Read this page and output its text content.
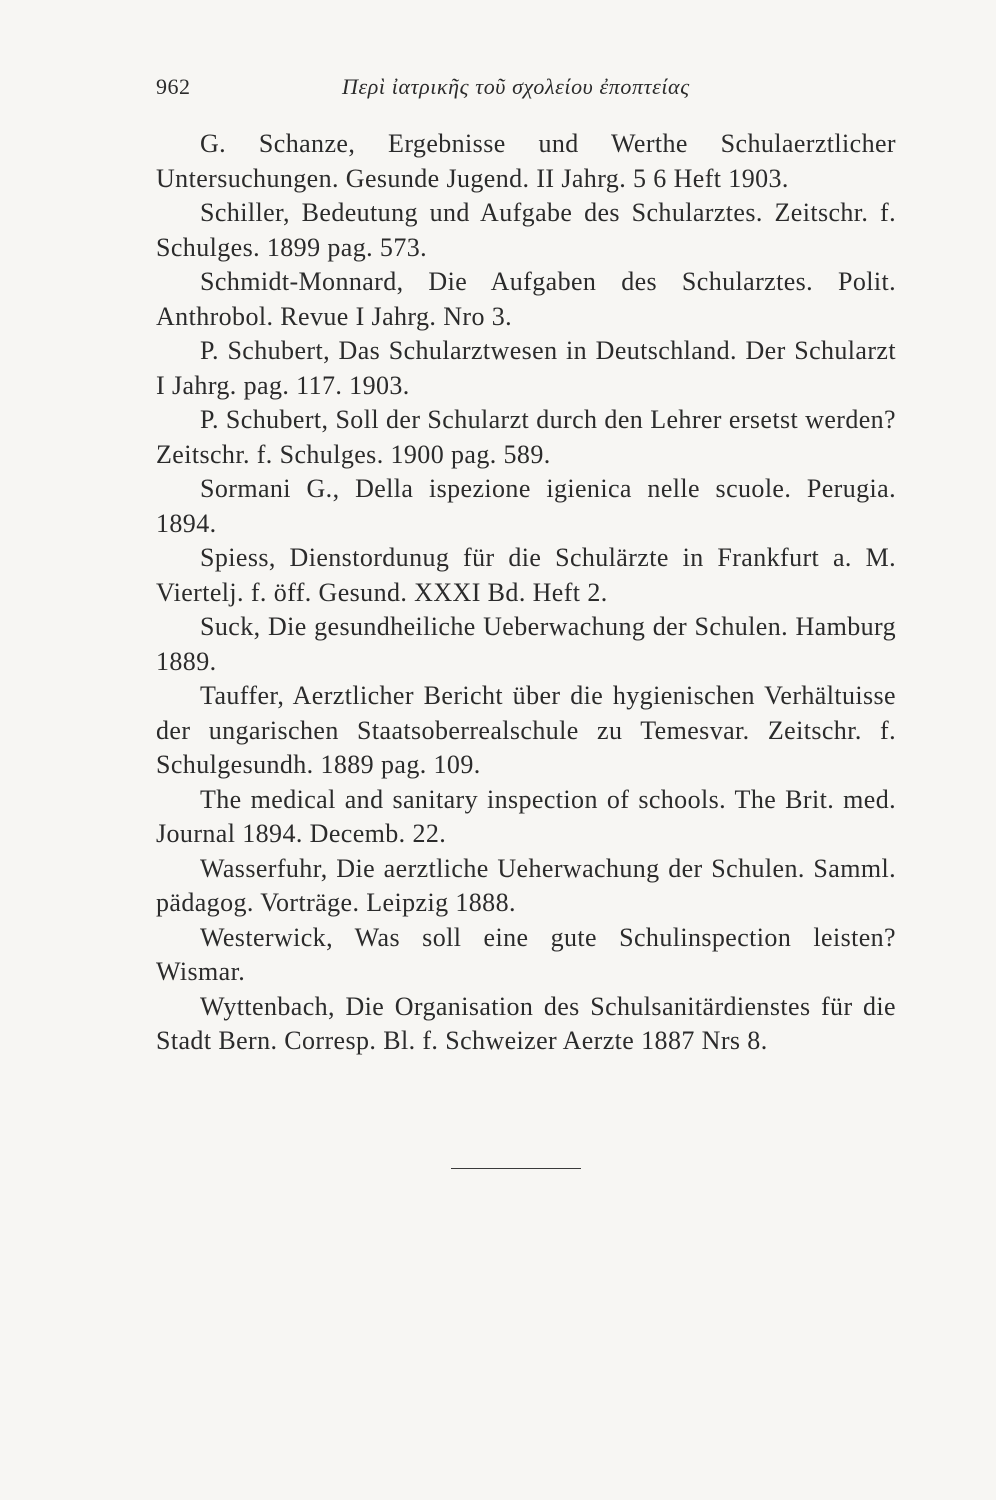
962	Περὶ ἰατρικῆς τοῦ σχολείου ἐποπτείας

G. Schanze, Ergebnisse und Werthe Schulaerztlicher Untersuchungen. Gesunde Jugend. II Jahrg. 5 6 Heft 1903.

Schiller, Bedeutung und Aufgabe des Schularztes. Zeitschr. f. Schulges. 1899 pag. 573.

Schmidt-Monnard, Die Aufgaben des Schularztes. Polit. Anthrobol. Revue I Jahrg. Nro 3.

P. Schubert, Das Schularztwesen in Deutschland. Der Schularzt I Jahrg. pag. 117. 1903.

P. Schubert, Soll der Schularzt durch den Lehrer ersetst werden? Zeitschr. f. Schulges. 1900 pag. 589.

Sormani G., Della ispezione igienica nelle scuole. Perugia. 1894.

Spiess, Dienstordunug für die Schulärzte in Frankfurt a. M. Viertelj. f. öff. Gesund. XXXI Bd. Heft 2.

Suck, Die gesundheiliche Ueberwachung der Schulen. Hamburg 1889.

Tauffer, Aerztlicher Bericht über die hygienischen Verhältuisse der ungarischen Staatsoberrealschule zu Temesvar. Zeitschr. f. Schulgesundh. 1889 pag. 109.

The medical and sanitary inspection of schools. The Brit. med. Journal 1894. Decemb. 22.

Wasserfuhr, Die aerztliche Ueherwachung der Schulen. Samml. pädagog. Vorträge. Leipzig 1888.

Westerwick, Was soll eine gute Schulinspection leisten? Wismar.

Wyttenbach, Die Organisation des Schulsanitärdienstes für die Stadt Bern. Corresp. Bl. f. Schweizer Aerzte 1887 Nrs 8.
